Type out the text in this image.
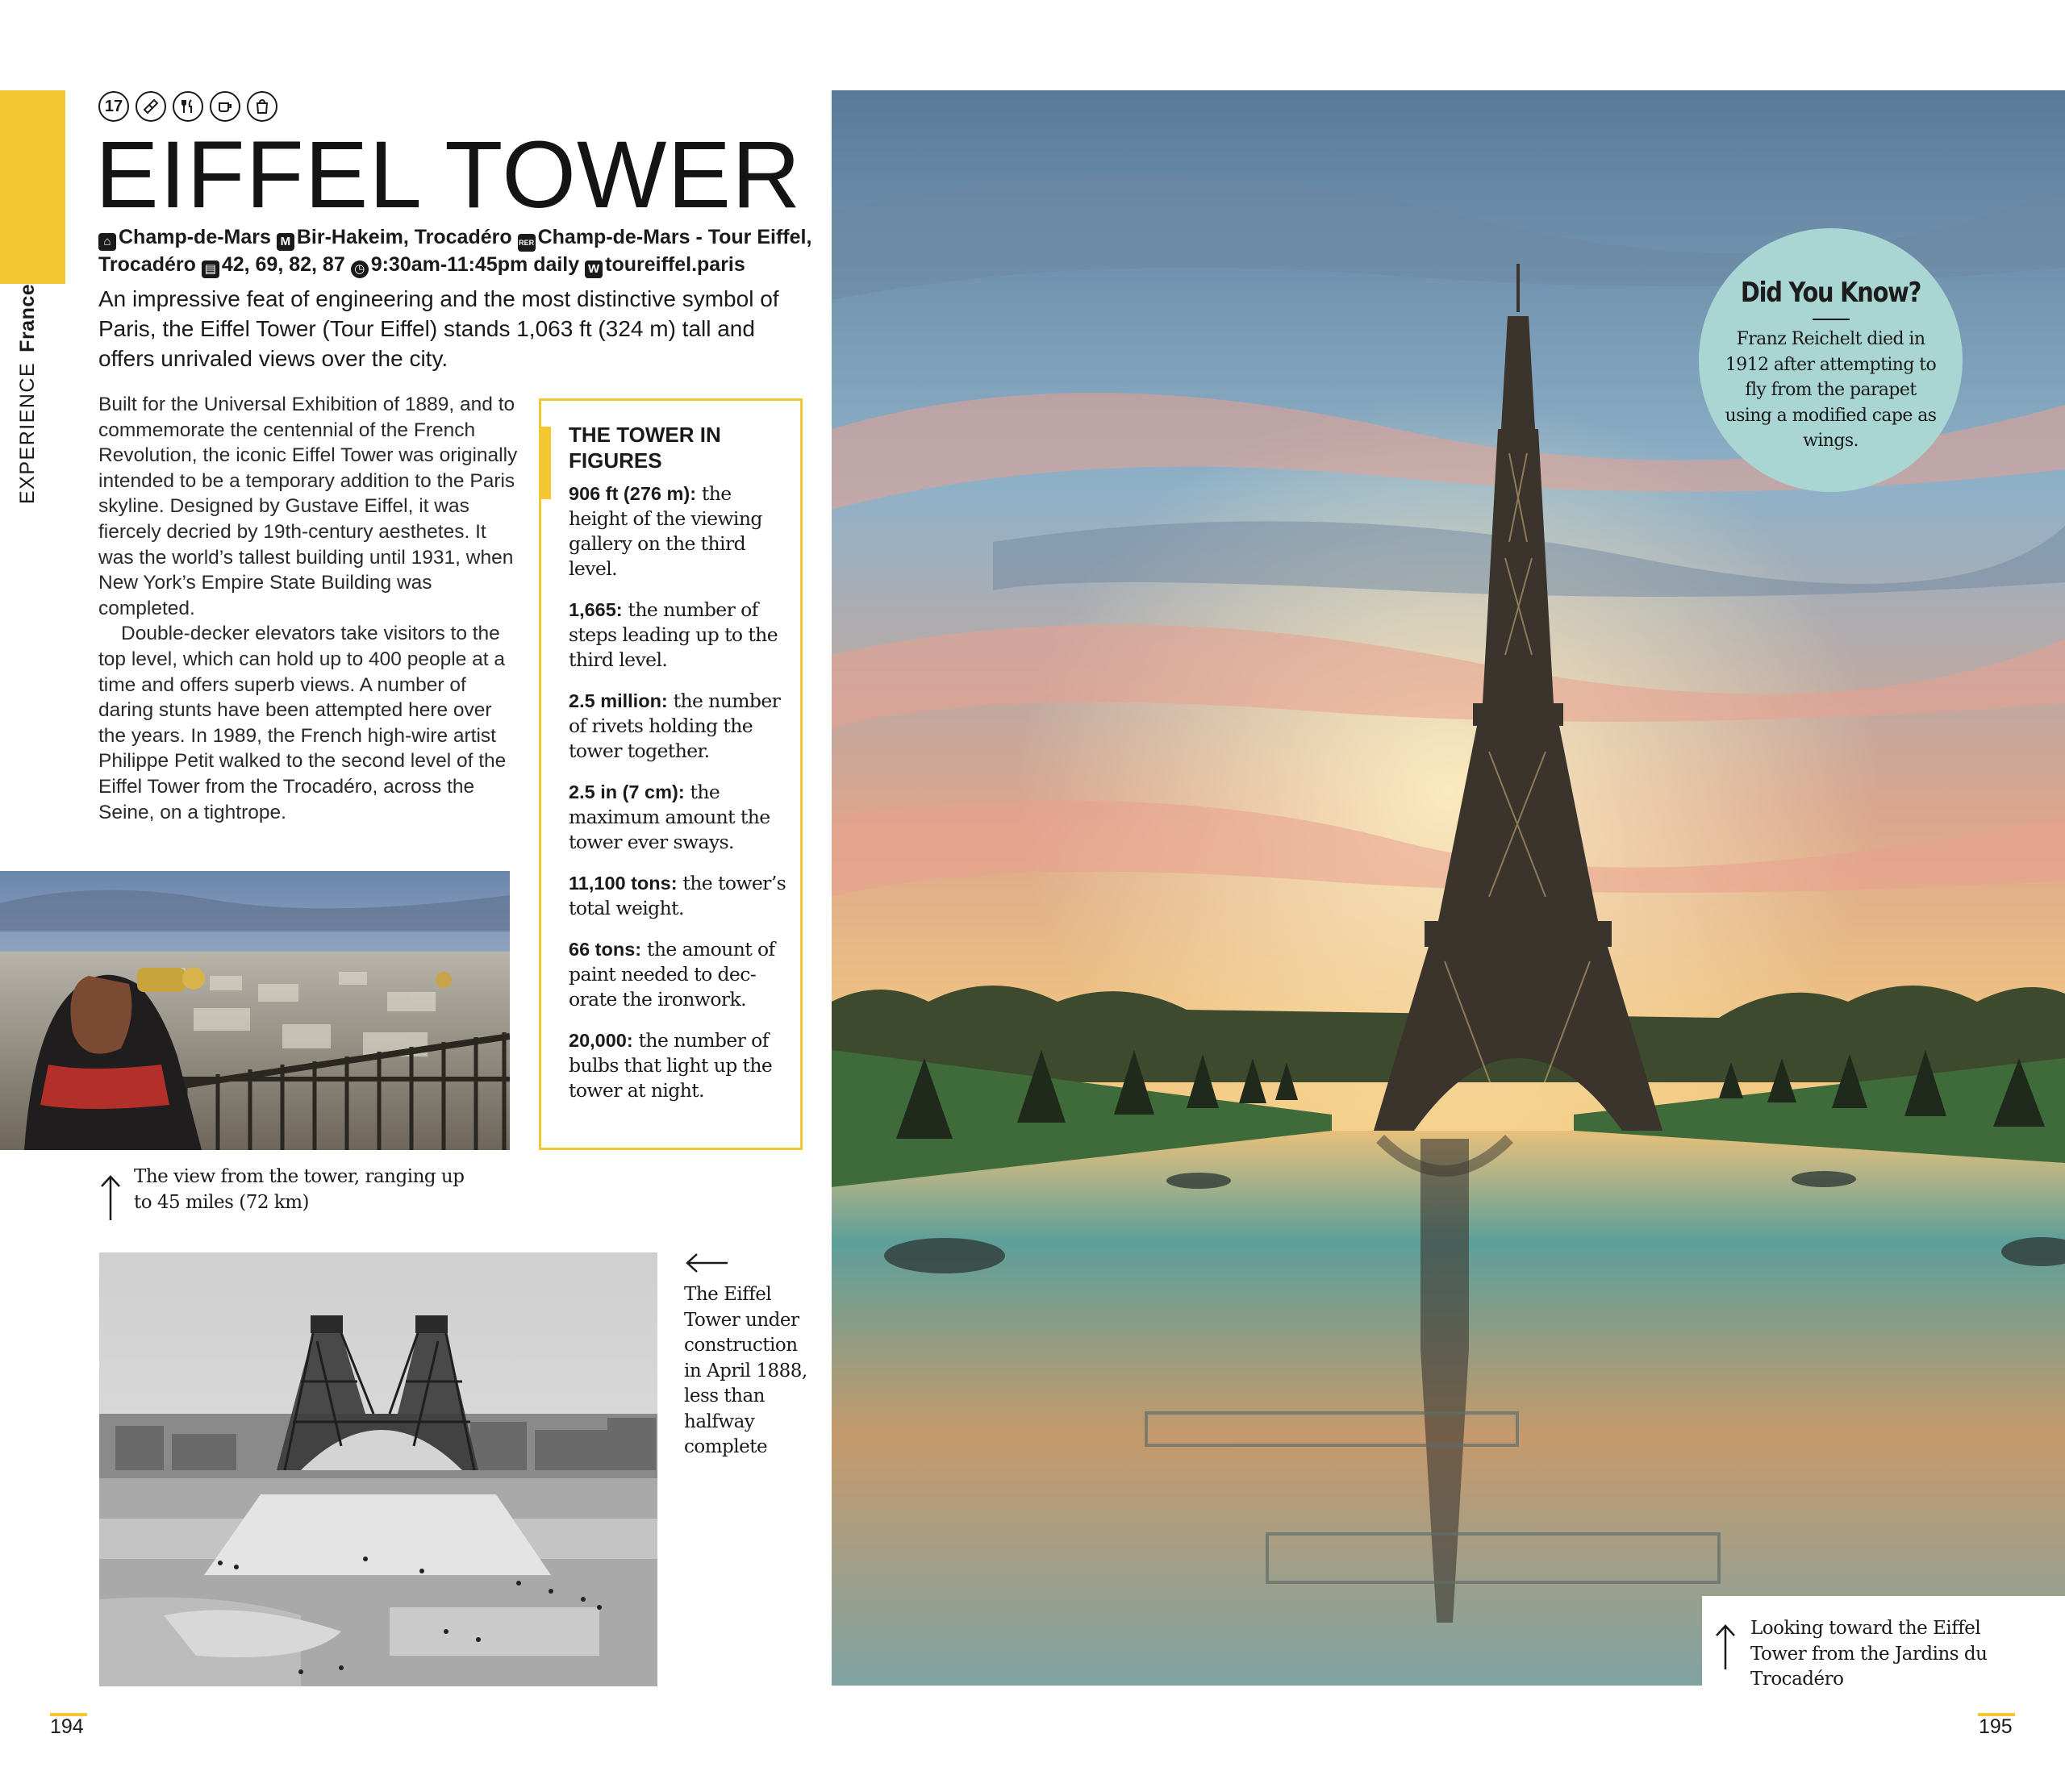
EXPERIENCEFrance
17
EIFFEL TOWER
⌂ Champ-de-Mars M Bir-Hakeim, Trocadéro RER Champ-de-Mars - Tour Eiffel,
Trocadéro ▤ 42, 69, 82, 87 ◷ 9:30am-11:45pm daily W toureiffel.paris

An impressive feat of engineering and the most distinctive symbol of Paris, the Eiffel Tower (Tour Eiffel) stands 1,063 ft (324 m) tall and offers unrivaled views over the city.

Built for the Universal Exhibition of 1889, and to commemorate the centennial of the French Revolution, the iconic Eiffel Tower was originally intended to be a temporary addition to the Paris skyline. Designed by Gustave Eiffel, it was fiercely decried by 19th-century aesthetes. It was the world’s tallest building until 1931, when New York’s Empire State Building was completed.

Double-decker elevators take visitors to the top level, which can hold up to 400 people at a time and offers superb views. A number of daring stunts have been attempted here over the years. In 1989, the French high-wire artist Philippe Petit walked to the second level of the Eiffel Tower from the Trocadéro, across the Seine, on a tightrope.

THE TOWER IN FIGURES
906 ft (276 m): the height of the viewing gallery on the third level.
1,665: the number of steps leading up to the third level.
2.5 million: the number of rivets holding the tower together.
2.5 in (7 cm): the maximum amount the tower ever sways.
11,100 tons: the tower’s total weight.
66 tons: the amount of paint needed to dec-orate the ironwork.
20,000: the number of bulbs that light up the tower at night.

The view from the tower, ranging up to 45 miles (72 km)

The Eiffel Tower under construction in April 1888, less than halfway complete

Did You Know?
Franz Reichelt died in 1912 after attempting to fly from the parapet using a modified cape as wings.

Looking toward the Eiffel Tower from the Jardins du Trocadéro

194	195
